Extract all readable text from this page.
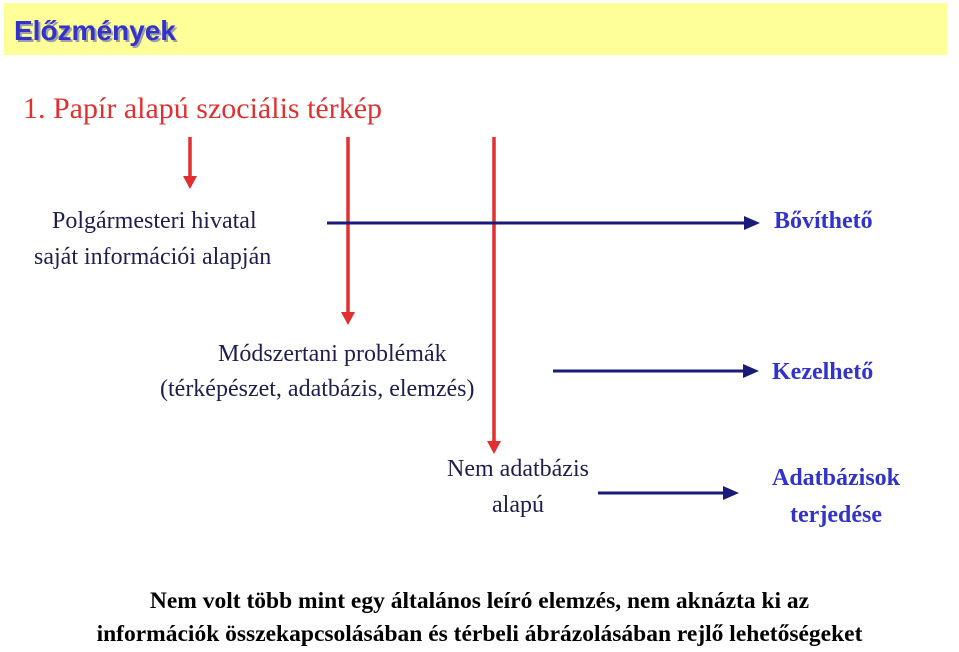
Előzmények
1. Papír alapú szociális térkép
Polgármesteri hivatal
saját információi alapján
Bővíthető
Módszertani problémák
(térképészet, adatbázis, elemzés)
Kezelhető
Nem adatbázis
alapú
Adatbázisok
terjedése
Nem volt több mint egy általános leíró elemzés, nem aknázta ki az
információk összekapcsolásában és térbeli ábrázolásában rejlő lehetőségeket
